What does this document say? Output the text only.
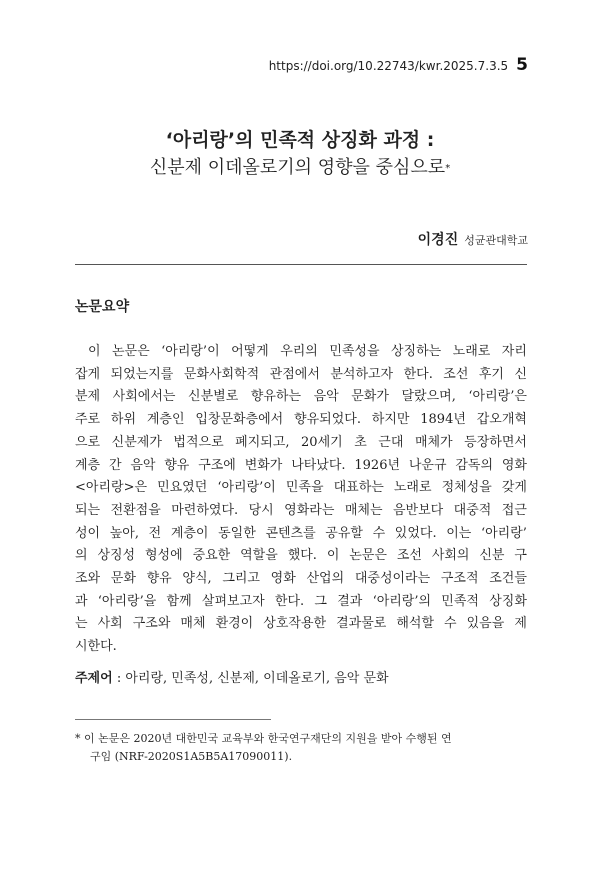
https://doi.org/10.22743/kwr.2025.7.3.5 5
‘아리랑’의 민족적 상징화 과정 :
신분제 이데올로기의 영향을 중심으로*
이경진 성균관대학교
논문요약
　이 논문은 ‘아리랑’이 어떻게 우리의 민족성을 상징하는 노래로 자리
잡게 되었는지를 문화사회학적 관점에서 분석하고자 한다. 조선 후기 신
분제 사회에서는 신분별로 향유하는 음악 문화가 달랐으며, ‘아리랑’은
주로 하위 계층인 입창문화층에서 향유되었다. 하지만 1894년 갑오개혁
으로 신분제가 법적으로 폐지되고, 20세기 초 근대 매체가 등장하면서
계층 간 음악 향유 구조에 변화가 나타났다. 1926년 나운규 감독의 영화
<아리랑>은 민요였던 ‘아리랑’이 민족을 대표하는 노래로 정체성을 갖게
되는 전환점을 마련하였다. 당시 영화라는 매체는 음반보다 대중적 접근
성이 높아, 전 계층이 동일한 콘텐츠를 공유할 수 있었다. 이는 ‘아리랑’
의 상징성 형성에 중요한 역할을 했다. 이 논문은 조선 사회의 신분 구
조와 문화 향유 양식, 그리고 영화 산업의 대중성이라는 구조적 조건들
과 ‘아리랑’을 함께 살펴보고자 한다. 그 결과 ‘아리랑’의 민족적 상징화
는 사회 구조와 매체 환경이 상호작용한 결과물로 해석할 수 있음을 제
시한다.
주제어 : 아리랑, 민족성, 신분제, 이데올로기, 음악 문화
* 이 논문은 2020년 대한민국 교육부와 한국연구재단의 지원을 받아 수행된 연
구임 (NRF-2020S1A5B5A17090011).
